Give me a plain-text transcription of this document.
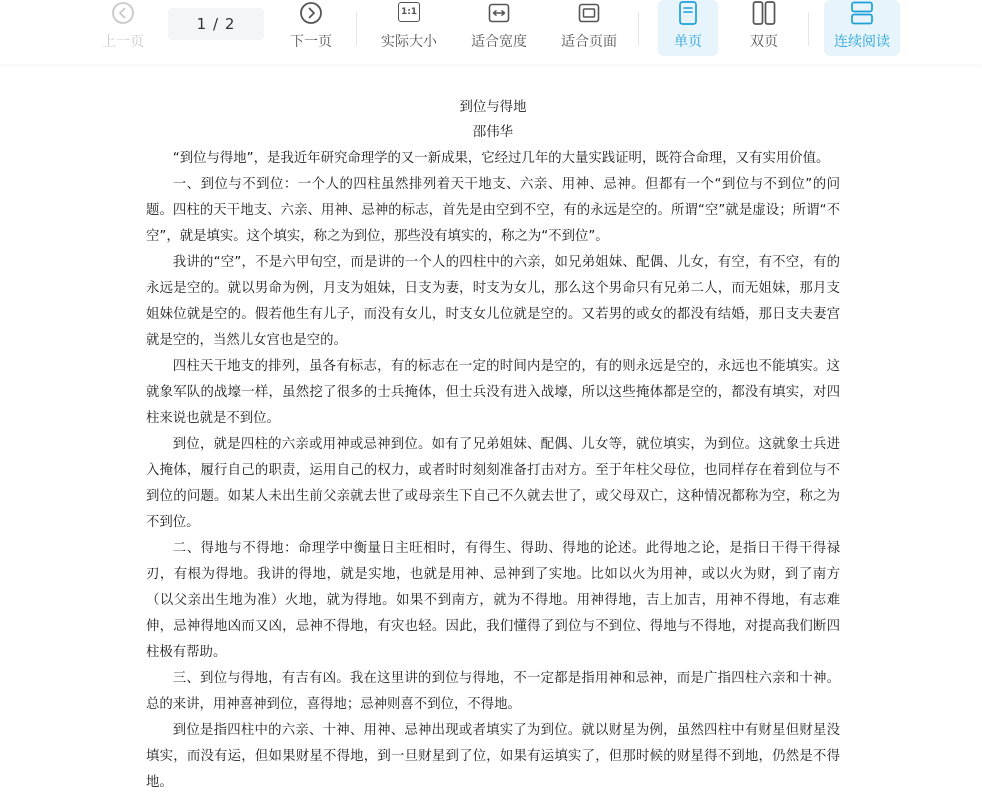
上一页
1 / 2
下一页
1:1
实际大小	适合宽度	适合页面	单页	双页	连续阅读
到位与得地
邵伟华

“到位与得地”，是我近年研究命理学的又一新成果，它经过几年的大量实践证明，既符合命理，又有实用价值。

一、到位与不到位：一个人的四柱虽然排列着天干地支、六亲、用神、忌神。但都有一个“到位与不到位”的问题。四柱的天干地支、六亲、用神、忌神的标志，首先是由空到不空，有的永远是空的。所谓“空”就是虚设；所谓“不空”，就是填实。这个填实，称之为到位，那些没有填实的，称之为“不到位”。

我讲的“空”，不是六甲旬空，而是讲的一个人的四柱中的六亲，如兄弟姐妹、配偶、儿女，有空，有不空，有的永远是空的。就以男命为例，月支为姐妹，日支为妻，时支为女儿，那么这个男命只有兄弟二人，而无姐妹，那月支姐妹位就是空的。假若他生有儿子，而没有女儿，时支女儿位就是空的。又若男的或女的都没有结婚，那日支夫妻宫就是空的，当然儿女宫也是空的。

四柱天干地支的排列，虽各有标志，有的标志在一定的时间内是空的，有的则永远是空的，永远也不能填实。这就象军队的战壕一样，虽然挖了很多的士兵掩体，但士兵没有进入战壕，所以这些掩体都是空的，都没有填实，对四柱来说也就是不到位。

到位，就是四柱的六亲或用神或忌神到位。如有了兄弟姐妹、配偶、儿女等，就位填实，为到位。这就象士兵进入掩体，履行自己的职责，运用自己的权力，或者时时刻刻准备打击对方。至于年柱父母位，也同样存在着到位与不到位的问题。如某人未出生前父亲就去世了或母亲生下自己不久就去世了，或父母双亡，这种情况都称为空，称之为不到位。

二、得地与不得地：命理学中衡量日主旺相时，有得生、得助、得地的论述。此得地之论，是指日干得干得禄刃，有根为得地。我讲的得地，就是实地，也就是用神、忌神到了实地。比如以火为用神，或以火为财，到了南方（以父亲出生地为准）火地，就为得地。如果不到南方，就为不得地。用神得地，吉上加吉，用神不得地，有志难伸，忌神得地凶而又凶，忌神不得地，有灾也轻。因此，我们懂得了到位与不到位、得地与不得地，对提高我们断四柱极有帮助。

三、到位与得地，有吉有凶。我在这里讲的到位与得地，不一定都是指用神和忌神，而是广指四柱六亲和十神。总的来讲，用神喜神到位，喜得地；忌神则喜不到位，不得地。

到位是指四柱中的六亲、十神、用神、忌神出现或者填实了为到位。就以财星为例，虽然四柱中有财星但财星没填实，而没有运，但如果财星不得地，到一旦财星到了位，如果有运填实了，但那时候的财星得不到地，仍然是不得地。
